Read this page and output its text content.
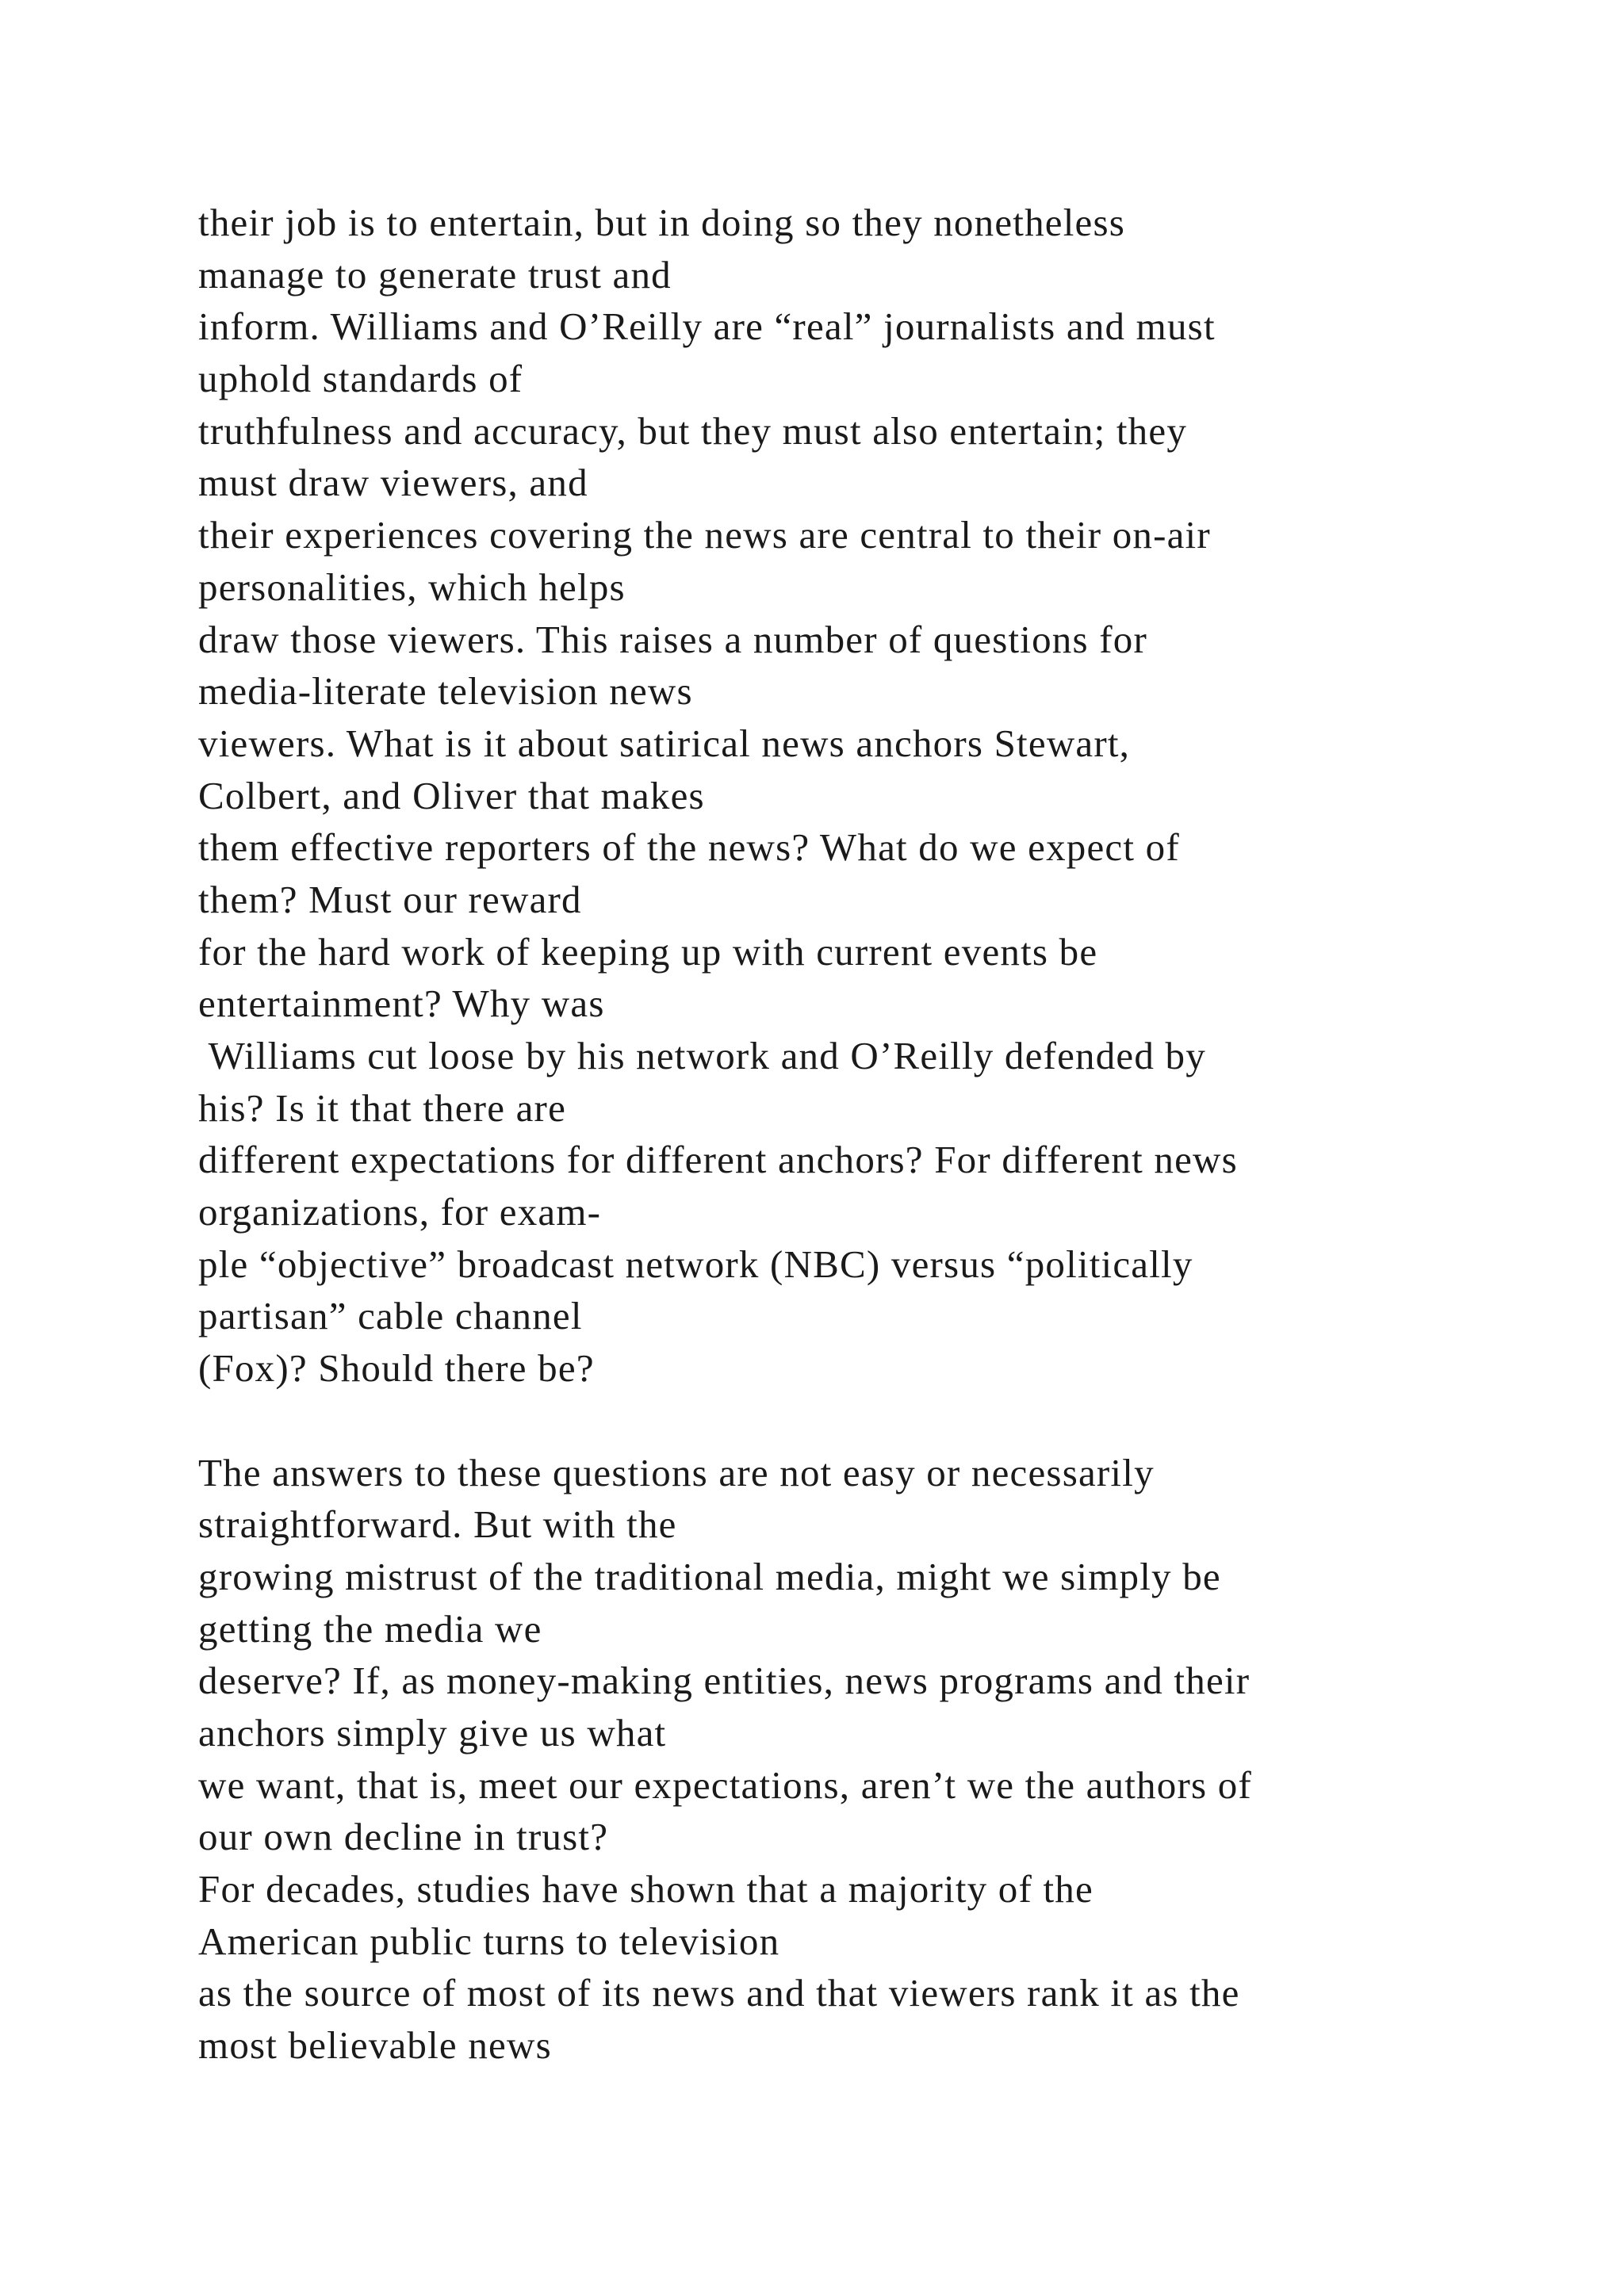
their job is to entertain, but in doing so they nonetheless
manage to generate trust and
inform. Williams and O’Reilly are “real” journalists and must
uphold standards of
truthfulness and accuracy, but they must also entertain; they
must draw viewers, and
their experiences covering the news are central to their on-air
personalities, which helps
draw those viewers. This raises a number of questions for
media-literate television news
viewers. What is it about satirical news anchors Stewart,
Colbert, and Oliver that makes
them effective reporters of the news? What do we expect of
them? Must our reward
for the hard work of keeping up with current events be
entertainment? Why was
Williams cut loose by his network and O’Reilly defended by
his? Is it that there are
different expectations for different anchors? For different news
organizations, for exam-
ple “objective” broadcast network (NBC) versus “politically
partisan” cable channel
(Fox)? Should there be?
The answers to these questions are not easy or necessarily
straightforward. But with the
growing mistrust of the traditional media, might we simply be
getting the media we
deserve? If, as money-making entities, news programs and their
anchors simply give us what
we want, that is, meet our expectations, aren’t we the authors of
our own decline in trust?
For decades, studies have shown that a majority of the
American public turns to television
as the source of most of its news and that viewers rank it as the
most believable news
